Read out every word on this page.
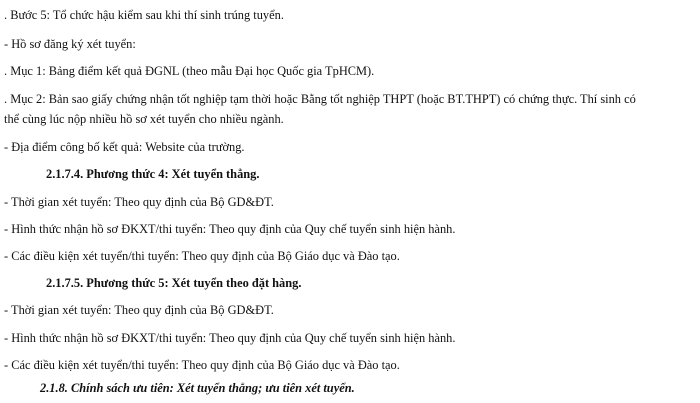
. Bước 5: Tổ chức hậu kiểm sau khi thí sinh trúng tuyển.
- Hồ sơ đăng ký xét tuyển:
. Mục 1: Bảng điểm kết quả ĐGNL (theo mẫu Đại học Quốc gia TpHCM).
. Mục 2: Bản sao giấy chứng nhận tốt nghiệp tạm thời hoặc Bằng tốt nghiệp THPT (hoặc BT.THPT) có chứng thực. Thí sinh có
thể cùng lúc nộp nhiều hồ sơ xét tuyển cho nhiều ngành.
- Địa điểm công bố kết quả: Website của trường.
2.1.7.4. Phương thức 4: Xét tuyển thẳng.
- Thời gian xét tuyển: Theo quy định của Bộ GD&ĐT.
- Hình thức nhận hồ sơ ĐKXT/thi tuyển: Theo quy định của Quy chế tuyển sinh hiện hành.
- Các điều kiện xét tuyển/thi tuyển: Theo quy định của Bộ Giáo dục và Đào tạo.
2.1.7.5. Phương thức 5: Xét tuyển theo đặt hàng.
- Thời gian xét tuyển: Theo quy định của Bộ GD&ĐT.
- Hình thức nhận hồ sơ ĐKXT/thi tuyển: Theo quy định của Quy chế tuyển sinh hiện hành.
- Các điều kiện xét tuyển/thi tuyển: Theo quy định của Bộ Giáo dục và Đào tạo.
2.1.8. Chính sách ưu tiên: Xét tuyển thẳng; ưu tiên xét tuyển.
